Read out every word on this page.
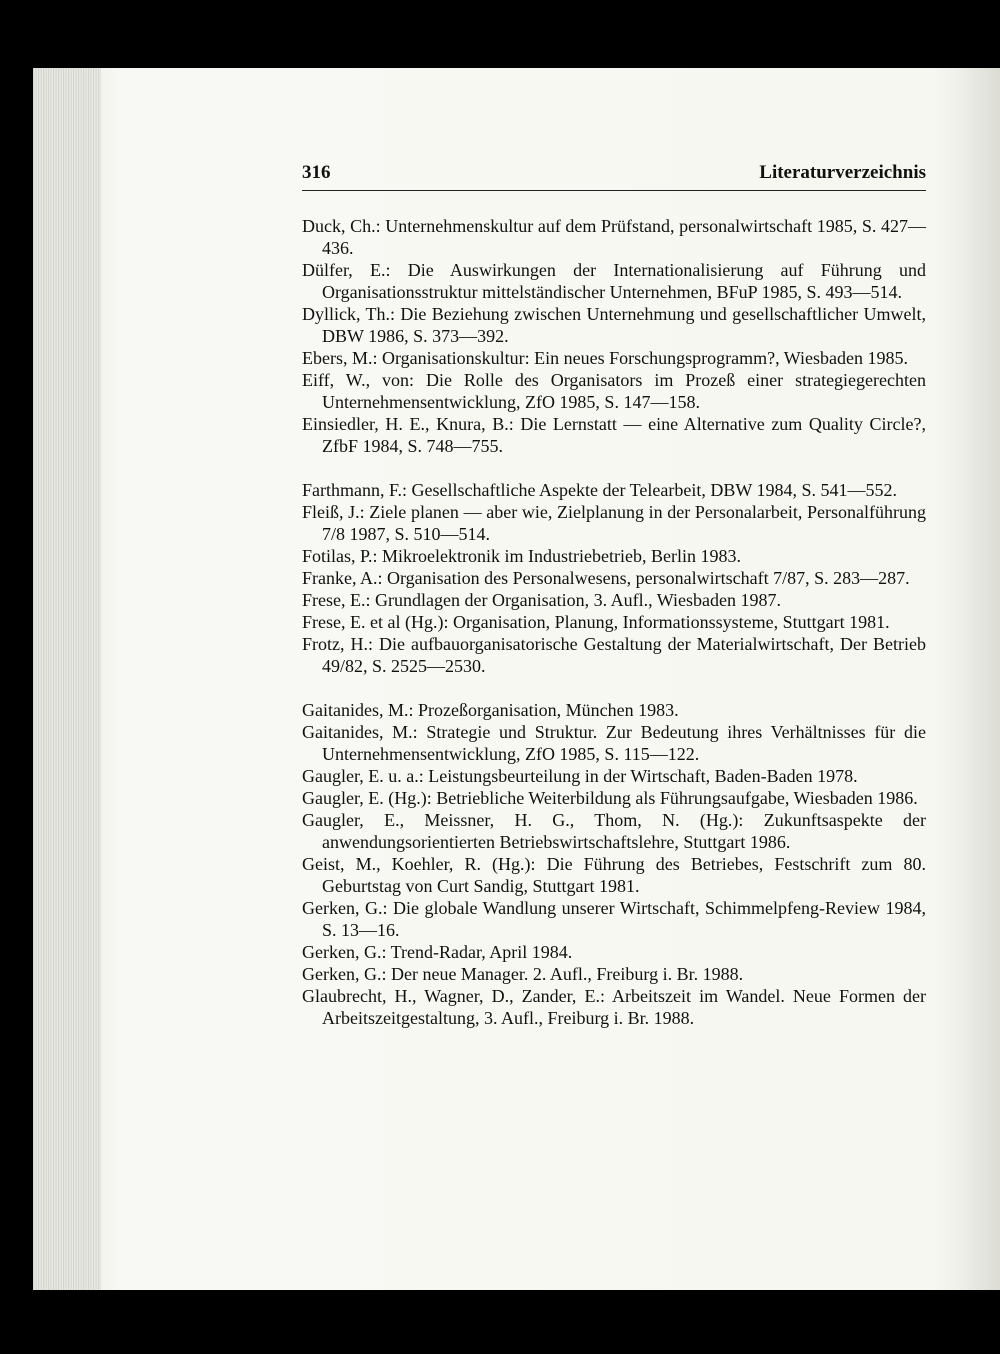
316	Literaturverzeichnis
Duck, Ch.: Unternehmenskultur auf dem Prüfstand, personalwirtschaft 1985, S. 427—436.
Dülfer, E.: Die Auswirkungen der Internationalisierung auf Führung und Organisationsstruktur mittelständischer Unternehmen, BFuP 1985, S. 493—514.
Dyllick, Th.: Die Beziehung zwischen Unternehmung und gesellschaftlicher Umwelt, DBW 1986, S. 373—392.
Ebers, M.: Organisationskultur: Ein neues Forschungsprogramm?, Wiesbaden 1985.
Eiff, W., von: Die Rolle des Organisators im Prozeß einer strategiegerechten Unternehmensentwicklung, ZfO 1985, S. 147—158.
Einsiedler, H. E., Knura, B.: Die Lernstatt — eine Alternative zum Quality Circle?, ZfbF 1984, S. 748—755.
Farthmann, F.: Gesellschaftliche Aspekte der Telearbeit, DBW 1984, S. 541—552.
Fleiß, J.: Ziele planen — aber wie, Zielplanung in der Personalarbeit, Personalführung 7/8 1987, S. 510—514.
Fotilas, P.: Mikroelektronik im Industriebetrieb, Berlin 1983.
Franke, A.: Organisation des Personalwesens, personalwirtschaft 7/87, S. 283—287.
Frese, E.: Grundlagen der Organisation, 3. Aufl., Wiesbaden 1987.
Frese, E. et al (Hg.): Organisation, Planung, Informationssysteme, Stuttgart 1981.
Frotz, H.: Die aufbauorganisatorische Gestaltung der Materialwirtschaft, Der Betrieb 49/82, S. 2525—2530.
Gaitanides, M.: Prozeßorganisation, München 1983.
Gaitanides, M.: Strategie und Struktur. Zur Bedeutung ihres Verhältnisses für die Unternehmensentwicklung, ZfO 1985, S. 115—122.
Gaugler, E. u. a.: Leistungsbeurteilung in der Wirtschaft, Baden-Baden 1978.
Gaugler, E. (Hg.): Betriebliche Weiterbildung als Führungsaufgabe, Wiesbaden 1986.
Gaugler, E., Meissner, H. G., Thom, N. (Hg.): Zukunftsaspekte der anwendungsorientierten Betriebswirtschaftslehre, Stuttgart 1986.
Geist, M., Koehler, R. (Hg.): Die Führung des Betriebes, Festschrift zum 80. Geburtstag von Curt Sandig, Stuttgart 1981.
Gerken, G.: Die globale Wandlung unserer Wirtschaft, Schimmelpfeng-Review 1984, S. 13—16.
Gerken, G.: Trend-Radar, April 1984.
Gerken, G.: Der neue Manager. 2. Aufl., Freiburg i. Br. 1988.
Glaubrecht, H., Wagner, D., Zander, E.: Arbeitszeit im Wandel. Neue Formen der Arbeitszeitgestaltung, 3. Aufl., Freiburg i. Br. 1988.
